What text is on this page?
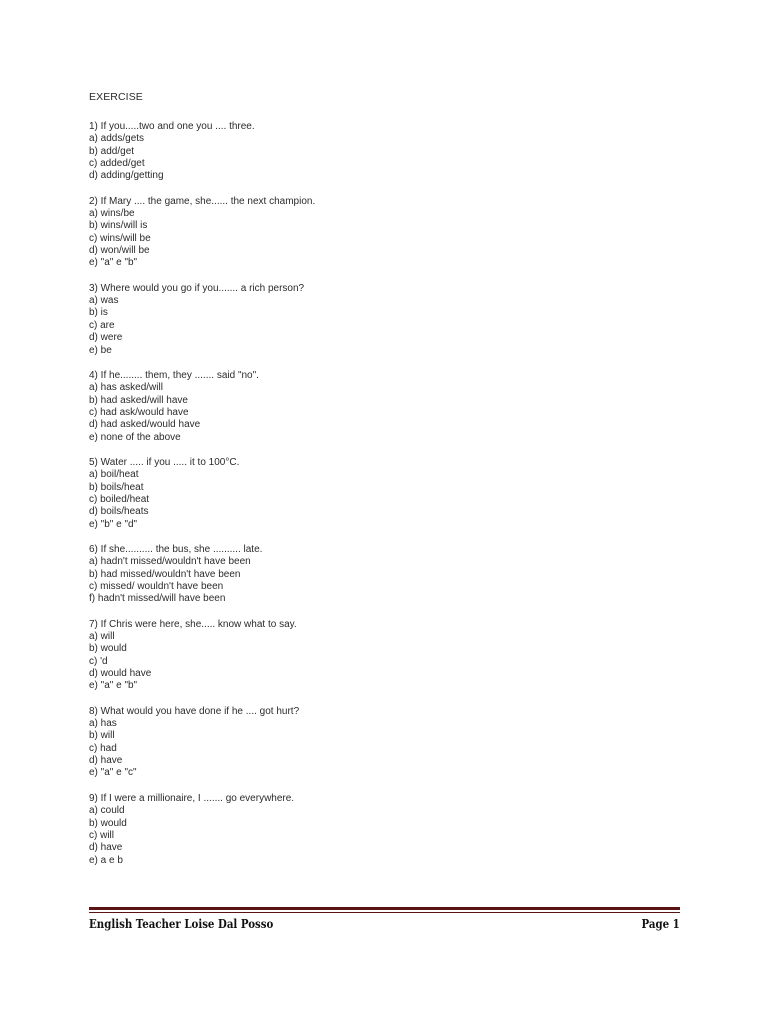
EXERCISE
1) If you.....two and one you .... three.
a) adds/gets
b) add/get
c) added/get
d) adding/getting
2) If Mary .... the game, she...... the next champion.
a) wins/be
b) wins/will is
c) wins/will be
d) won/will be
e) "a" e "b"
3) Where would you go if you....... a rich person?
a) was
b) is
c) are
d) were
e) be
4) If he........ them, they ....... said "no".
a) has asked/will
b) had asked/will have
c) had ask/would have
d) had asked/would have
e) none of the above
5) Water ..... if you ..... it to 100°C.
a) boil/heat
b) boils/heat
c) boiled/heat
d) boils/heats
e) "b" e "d"
6) If she.......... the bus, she .......... late.
a) hadn't missed/wouldn't have been
b) had missed/wouldn't have been
c) missed/ wouldn't have been
f) hadn't missed/will have been
7) If Chris were here, she..... know what to say.
a) will
b) would
c) 'd
d) would have
e) "a" e "b"
8) What would you have done if he .... got hurt?
a) has
b) will
c) had
d) have
e) "a" e "c"
9) If I were a millionaire, I ....... go everywhere.
a) could
b) would
c) will
d) have
e) a e b
English Teacher Loise Dal Posso	Page 1
